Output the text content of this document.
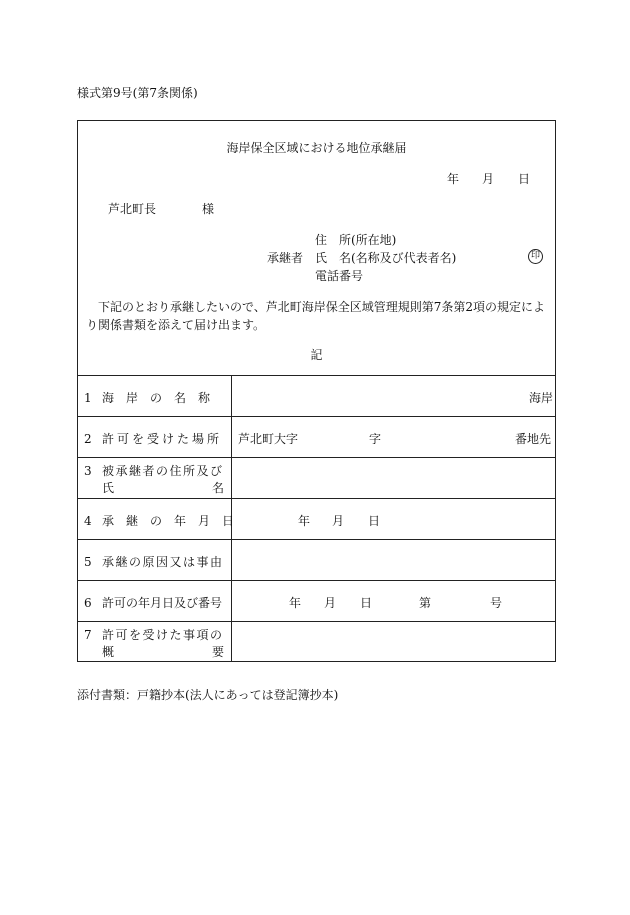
様式第9号(第7条関係)
海岸保全区域における地位承継届
年 月 日
芦北町長	様
住　所(所在地)
承継者 氏　名(名称及び代表者名)	印
電話番号
下記のとおり承継したいので、芦北町海岸保全区域管理規則第7条第2項の規定により関係書類を添えて届け出ます。
記
1 海　岸　の　名　称	海岸
2 許可を受けた場所 芦北町大字	字	番地先
3 被承継者の住所及び
氏	名
4 承　継　の　年　月　日	年 月 日
5 承継の原因又は事由
6 許可の年月日及び番号	年 月 日	第	号
7 許可を受けた事項の
概	要
添付書類：戸籍抄本(法人にあっては登記簿抄本)
